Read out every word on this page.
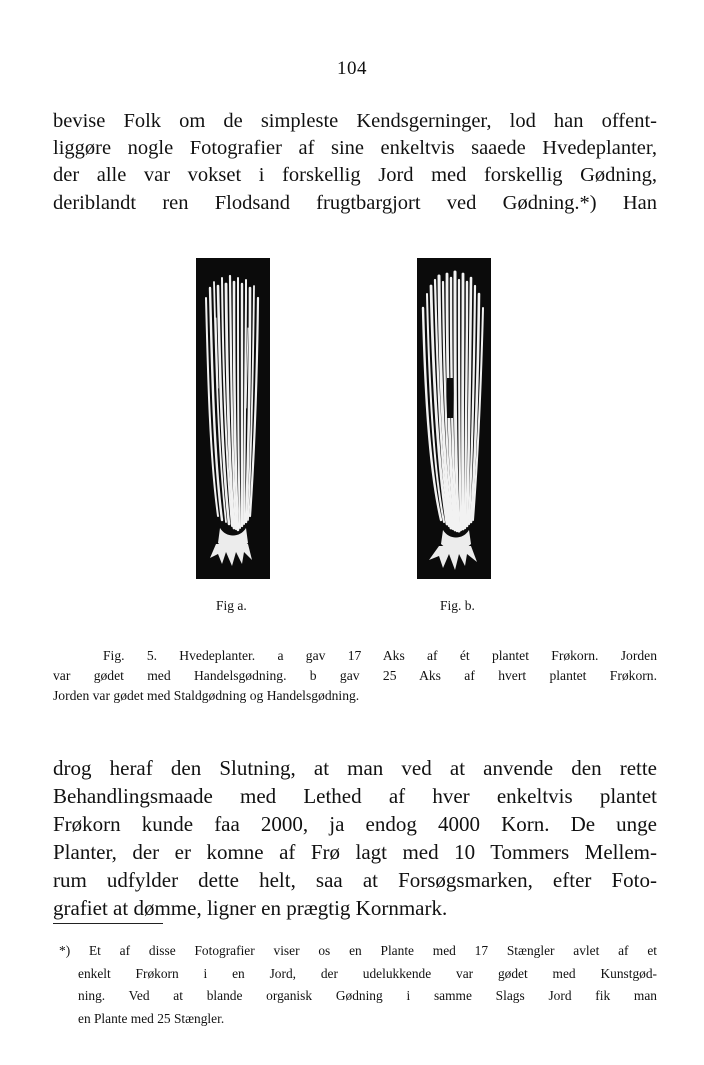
104
bevise Folk om de simpleste Kendsgerninger, lod han offent-
liggøre nogle Fotografier af sine enkeltvis saaede Hvedeplanter,
der alle var vokset i forskellig Jord med forskellig Gødning,
deriblandt ren Flodsand frugtbargjort ved Gødning.*) Han
Fig a.	Fig. b.
Fig. 5. Hvedeplanter. a gav 17 Aks af ét plantet Frøkorn. Jorden
var gødet med Handelsgødning. b gav 25 Aks af hvert plantet Frøkorn.
Jorden var gødet med Staldgødning og Handelsgødning.
drog heraf den Slutning, at man ved at anvende den rette
Behandlingsmaade med Lethed af hver enkeltvis plantet
Frøkorn kunde faa 2000, ja endog 4000 Korn. De unge
Planter, der er komne af Frø lagt med 10 Tommers Mellem-
rum udfylder dette helt, saa at Forsøgsmarken, efter Foto-
grafiet at dømme, ligner en prægtig Kornmark.
*) Et af disse Fotografier viser os en Plante med 17 Stængler avlet af et
enkelt Frøkorn i en Jord, der udelukkende var gødet med Kunstgød-
ning. Ved at blande organisk Gødning i samme Slags Jord fik man
en Plante med 25 Stængler.
